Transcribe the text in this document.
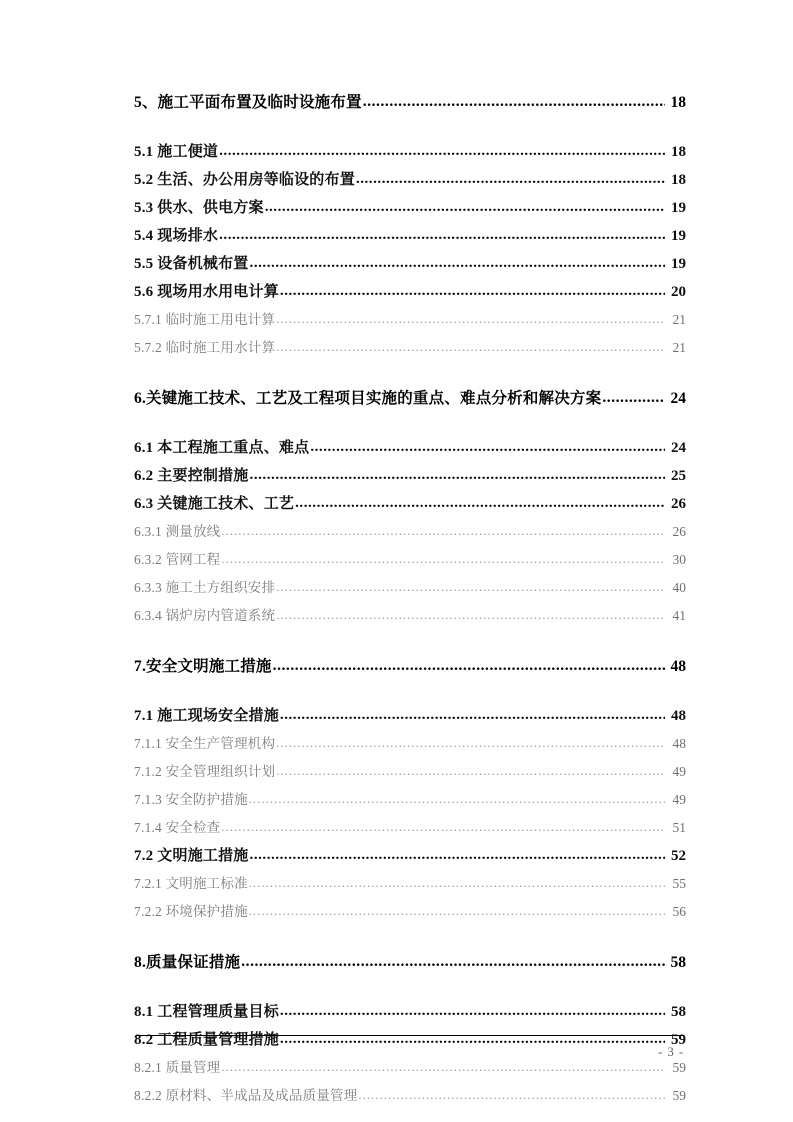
5、施工平面布置及临时设施布置 .....	18
5.1 施工便道 .....	18
5.2 生活、办公用房等临设的布置 .....	18
5.3 供水、供电方案 .....	19
5.4 现场排水 .....	19
5.5 设备机械布置 .....	19
5.6 现场用水用电计算 .....	20
5.7.1 临时施工用电计算 .....	21
5.7.2 临时施工用水计算 .....	21
6.关键施工技术、工艺及工程项目实施的重点、难点分析和解决方案 .....	24
6.1 本工程施工重点、难点 .....	24
6.2 主要控制措施 .....	25
6.3 关键施工技术、工艺 .....	26
6.3.1 测量放线 .....	26
6.3.2 管网工程 .....	30
6.3.3 施工土方组织安排 .....	40
6.3.4 锅炉房内管道系统 .....	41
7.安全文明施工措施 .....	48
7.1 施工现场安全措施 .....	48
7.1.1 安全生产管理机构 .....	48
7.1.2 安全管理组织计划 .....	49
7.1.3 安全防护措施 .....	49
7.1.4 安全检查 .....	51
7.2 文明施工措施 .....	52
7.2.1 文明施工标准 .....	55
7.2.2 环境保护措施 .....	56
8.质量保证措施 .....	58
8.1 工程管理质量目标 .....	58
8.2 工程质量管理措施 .....	59
8.2.1 质量管理 .....	59
8.2.2 原材料、半成品及成品质量管理 .....	59
- 3 -
